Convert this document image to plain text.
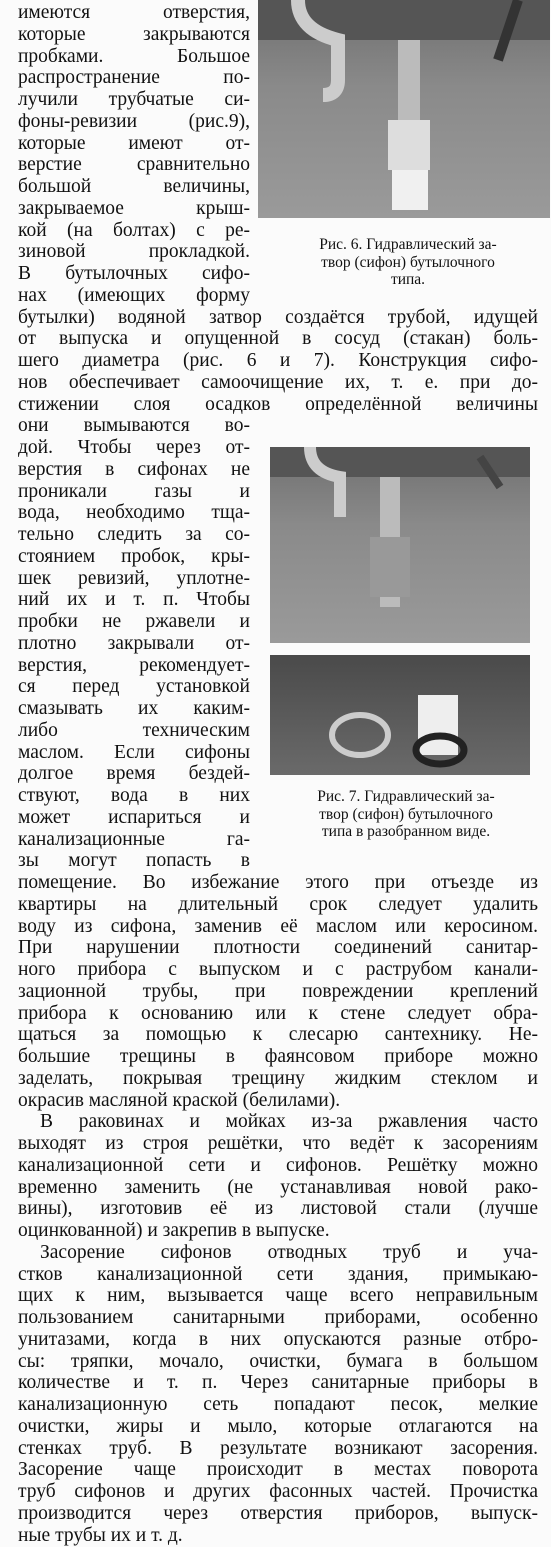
Рис. 6. Гидравлический за-
твор (сифон) бутылочного
типа.
Рис. 7. Гидравлический за-
твор (сифон) бутылочного
типа в разобранном виде.
имеются отверстия,
которые закрываются
пробками. Большое
распространение по-
лучили трубчатые си-
фоны-ревизии (рис.9),
которые имеют от-
верстие сравнительно
большой величины,
закрываемое крыш-
кой (на болтах) с ре-
зиновой прокладкой.
В бутылочных сифо-
нах (имеющих форму
бутылки) водяной затвор создаётся трубой, идущей
от выпуска и опущенной в сосуд (стакан) боль-
шего диаметра (рис. 6 и 7). Конструкция сифо-
нов обеспечивает самоочищение их, т. е. при до-
стижении слоя осадков определённой величины
они вымываются во-
дой. Чтобы через от-
верстия в сифонах не
проникали газы и
вода, необходимо тща-
тельно следить за со-
стоянием пробок, кры-
шек ревизий, уплотне-
ний их и т. п. Чтобы
пробки не ржавели и
плотно закрывали от-
верстия, рекомендует-
ся перед установкой
смазывать их каким-
либо техническим
маслом. Если сифоны
долгое время бездей-
ствуют, вода в них
может испариться и
канализационные га-
зы могут попасть в
помещение. Во избежание этого при отъезде из
квартиры на длительный срок следует удалить
воду из сифона, заменив её маслом или керосином.
При нарушении плотности соединений санитар-
ного прибора с выпуском и с раструбом канали-
зационной трубы, при повреждении креплений
прибора к основанию или к стене следует обра-
щаться за помощью к слесарю сантехнику. Не-
большие трещины в фаянсовом приборе можно
заделать, покрывая трещину жидким стеклом и
окрасив масляной краской (белилами).
В раковинах и мойках из-за ржавления часто
выходят из строя решётки, что ведёт к засорениям
канализационной сети и сифонов. Решётку можно
временно заменить (не устанавливая новой рако-
вины), изготовив её из листовой стали (лучше
оцинкованной) и закрепив в выпуске.
Засорение сифонов отводных труб и уча-
стков канализационной сети здания, примыкаю-
щих к ним, вызывается чаще всего неправильным
пользованием санитарными приборами, особенно
унитазами, когда в них опускаются разные отбро-
сы: тряпки, мочало, очистки, бумага в большом
количестве и т. п. Через санитарные приборы в
канализационную сеть попадают песок, мелкие
очистки, жиры и мыло, которые отлагаются на
стенках труб. В результате возникают засорения.
Засорение чаще происходит в местах поворота
труб сифонов и других фасонных частей. Прочистка
производится через отверстия приборов, выпуск-
ные трубы их и т. д.
